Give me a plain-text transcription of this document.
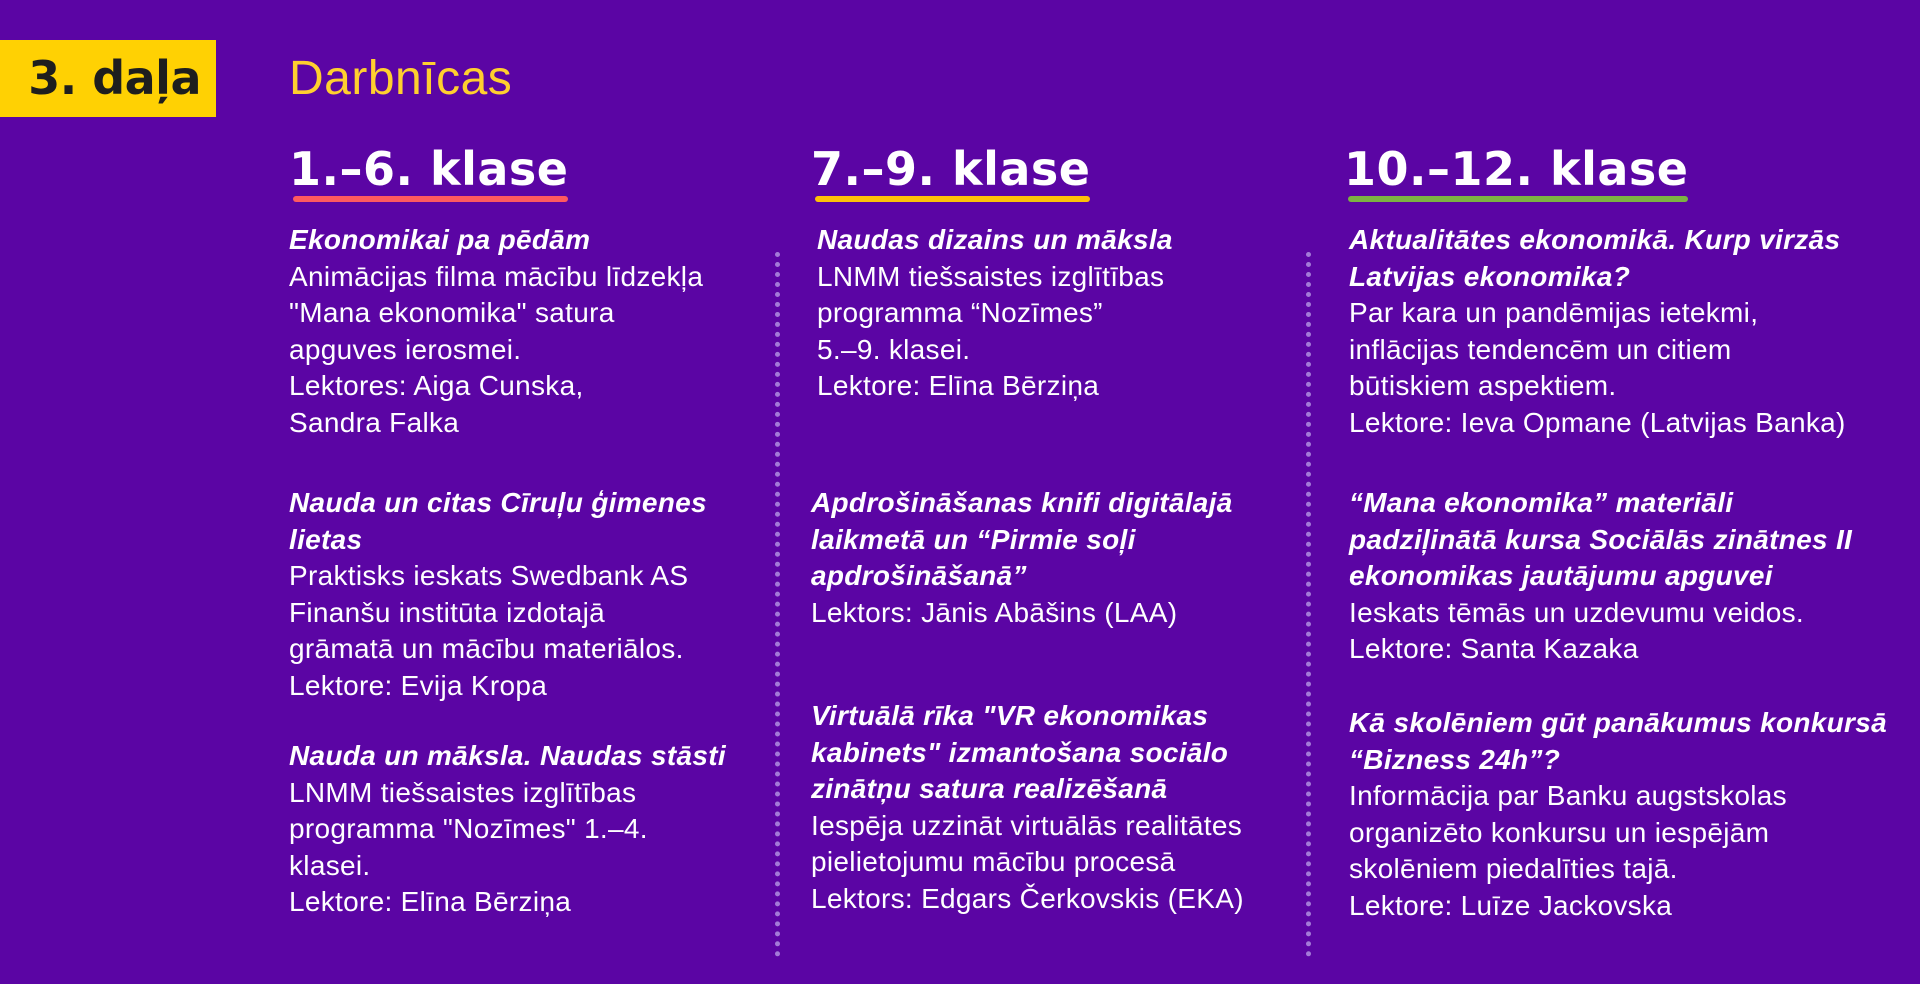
3. daļa	Darbnīcas
1.–6. klase
Ekonomikai pa pēdām
Animācijas filma mācību līdzekļa
"Mana ekonomika" satura
apguves ierosmei.
Lektores: Aiga Cunska,
Sandra Falka
Nauda un citas Cīruļu ģimenes
lietas
Praktisks ieskats Swedbank AS
Finanšu institūta izdotajā
grāmatā un mācību materiālos.
Lektore: Evija Kropa
Nauda un māksla. Naudas stāsti
LNMM tiešsaistes izglītības
programma "Nozīmes" 1.–4.
klasei.
Lektore: Elīna Bērziņa
7.–9. klase
Naudas dizains un māksla
LNMM tiešsaistes izglītības
programma “Nozīmes”
5.–9. klasei.
Lektore: Elīna Bērziņa
Apdrošināšanas knifi digitālajā
laikmetā un “Pirmie soļi
apdrošināšanā”
Lektors: Jānis Abāšins (LAA)
Virtuālā rīka "VR ekonomikas
kabinets" izmantošana sociālo
zinātņu satura realizēšanā
Iespēja uzzināt virtuālās realitātes
pielietojumu mācību procesā
Lektors: Edgars Čerkovskis (EKA)
10.–12. klase
Aktualitātes ekonomikā. Kurp virzās
Latvijas ekonomika?
Par kara un pandēmijas ietekmi,
inflācijas tendencēm un citiem
būtiskiem aspektiem.
Lektore: Ieva Opmane (Latvijas Banka)
“Mana ekonomika” materiāli
padziļinātā kursa Sociālās zinātnes II
ekonomikas jautājumu apguvei
Ieskats tēmās un uzdevumu veidos.
Lektore: Santa Kazaka
Kā skolēniem gūt panākumus konkursā
“Bizness 24h”?
Informācija par Banku augstskolas
organizēto konkursu un iespējām
skolēniem piedalīties tajā.
Lektore: Luīze Jackovska
